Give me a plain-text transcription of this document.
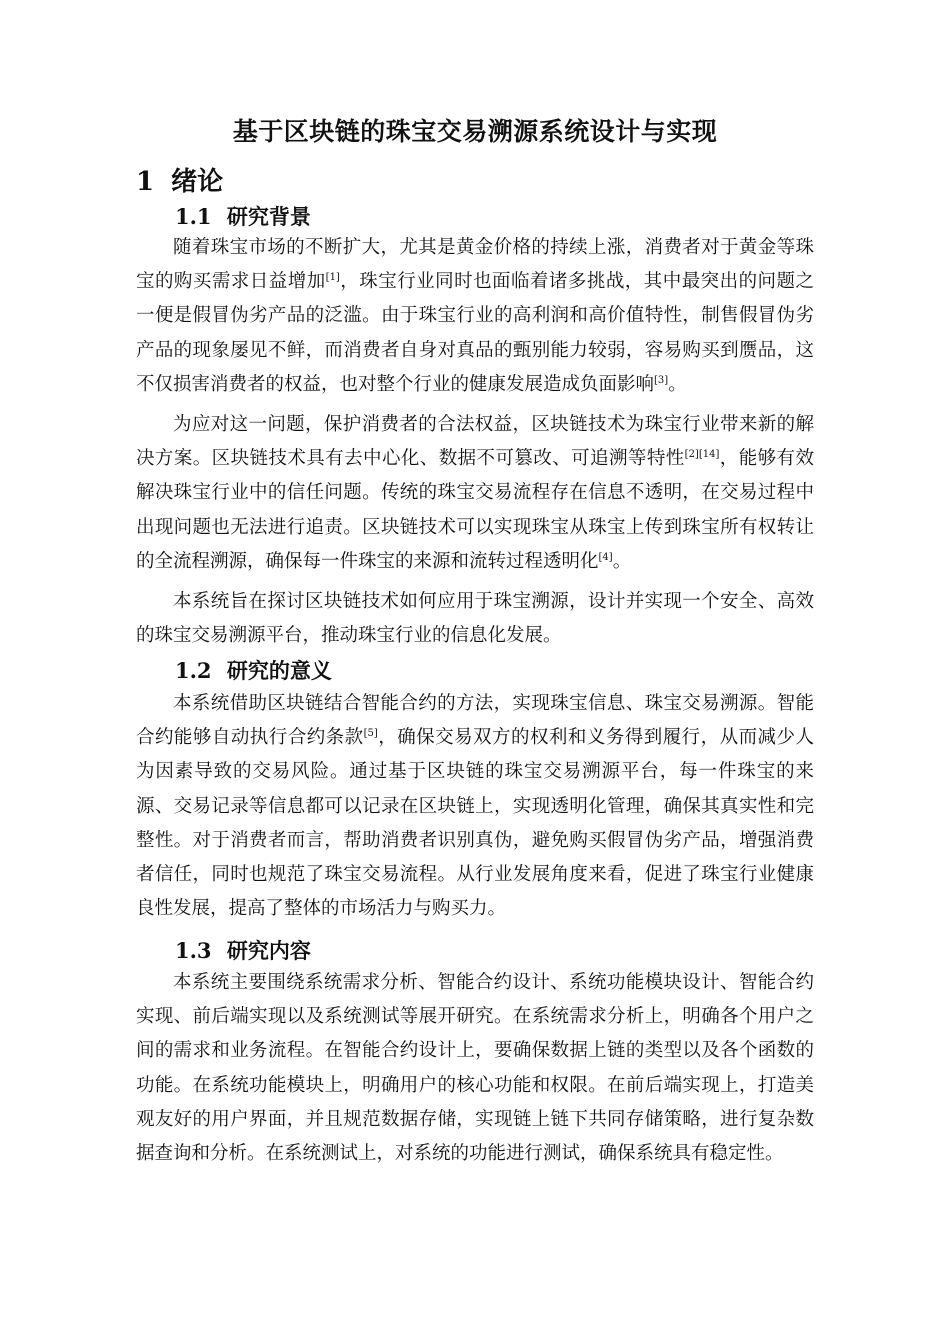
基于区块链的珠宝交易溯源系统设计与实现
1 绪论
1.1 研究背景

随着珠宝市场的不断扩大，尤其是黄金价格的持续上涨，消费者对于黄金等珠宝的购买需求日益增加[1]，珠宝行业同时也面临着诸多挑战，其中最突出的问题之一便是假冒伪劣产品的泛滥。由于珠宝行业的高利润和高价值特性，制售假冒伪劣产品的现象屡见不鲜，而消费者自身对真品的甄别能力较弱，容易购买到赝品，这不仅损害消费者的权益，也对整个行业的健康发展造成负面影响[3]。

为应对这一问题，保护消费者的合法权益，区块链技术为珠宝行业带来新的解决方案。区块链技术具有去中心化、数据不可篡改、可追溯等特性[2][14]，能够有效解决珠宝行业中的信任问题。传统的珠宝交易流程存在信息不透明，在交易过程中出现问题也无法进行追责。区块链技术可以实现珠宝从珠宝上传到珠宝所有权转让的全流程溯源，确保每一件珠宝的来源和流转过程透明化[4]。

本系统旨在探讨区块链技术如何应用于珠宝溯源，设计并实现一个安全、高效的珠宝交易溯源平台，推动珠宝行业的信息化发展。

1.2 研究的意义

本系统借助区块链结合智能合约的方法，实现珠宝信息、珠宝交易溯源。智能合约能够自动执行合约条款[5]，确保交易双方的权利和义务得到履行，从而减少人为因素导致的交易风险。通过基于区块链的珠宝交易溯源平台，每一件珠宝的来源、交易记录等信息都可以记录在区块链上，实现透明化管理，确保其真实性和完整性。对于消费者而言，帮助消费者识别真伪，避免购买假冒伪劣产品，增强消费者信任，同时也规范了珠宝交易流程。从行业发展角度来看，促进了珠宝行业健康良性发展，提高了整体的市场活力与购买力。

1.3 研究内容

本系统主要围绕系统需求分析、智能合约设计、系统功能模块设计、智能合约实现、前后端实现以及系统测试等展开研究。在系统需求分析上，明确各个用户之间的需求和业务流程。在智能合约设计上，要确保数据上链的类型以及各个函数的功能。在系统功能模块上，明确用户的核心功能和权限。在前后端实现上，打造美观友好的用户界面，并且规范数据存储，实现链上链下共同存储策略，进行复杂数据查询和分析。在系统测试上，对系统的功能进行测试，确保系统具有稳定性。
